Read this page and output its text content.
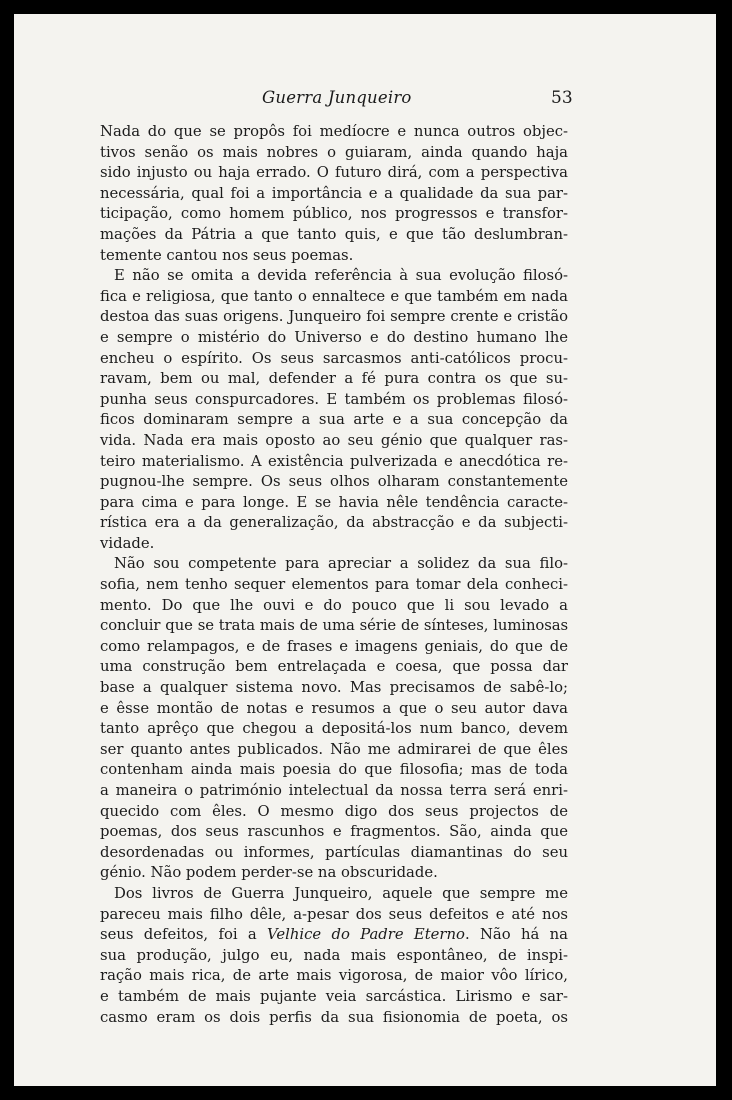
Guerra Junqueiro	53
Nada do que se propôs foi medíocre e nunca outros objec-
tivos senão os mais nobres o guiaram, ainda quando haja
sido injusto ou haja errado. O futuro dirá, com a perspectiva
necessária, qual foi a importância e a qualidade da sua par-
ticipação, como homem público, nos progressos e transfor-
mações da Pátria a que tanto quis, e que tão deslumbran-
temente cantou nos seus poemas.
E não se omita a devida referência à sua evolução filosó-
fica e religiosa, que tanto o ennaltece e que também em nada
destoa das suas origens. Junqueiro foi sempre crente e cristão
e sempre o mistério do Universo e do destino humano lhe
encheu o espírito. Os seus sarcasmos anti-católicos procu-
ravam, bem ou mal, defender a fé pura contra os que su-
punha seus conspurcadores. E também os problemas filosó-
ficos dominaram sempre a sua arte e a sua concepção da
vida. Nada era mais oposto ao seu génio que qualquer ras-
teiro materialismo. A existência pulverizada e anecdótica re-
pugnou-lhe sempre. Os seus olhos olharam constantemente
para cima e para longe. E se havia nêle tendência caracte-
rística era a da generalização, da abstracção e da subjecti-
vidade.
Não sou competente para apreciar a solidez da sua filo-
sofia, nem tenho sequer elementos para tomar dela conheci-
mento. Do que lhe ouvi e do pouco que li sou levado a
concluir que se trata mais de uma série de sínteses, luminosas
como relampagos, e de frases e imagens geniais, do que de
uma construção bem entrelaçada e coesa, que possa dar
base a qualquer sistema novo. Mas precisamos de sabê-lo;
e êsse montão de notas e resumos a que o seu autor dava
tanto aprêço que chegou a depositá-los num banco, devem
ser quanto antes publicados. Não me admirarei de que êles
contenham ainda mais poesia do que filosofia; mas de toda
a maneira o património intelectual da nossa terra será enri-
quecido com êles. O mesmo digo dos seus projectos de
poemas, dos seus rascunhos e fragmentos. São, ainda que
desordenadas ou informes, partículas diamantinas do seu
génio. Não podem perder-se na obscuridade.
Dos livros de Guerra Junqueiro, aquele que sempre me
pareceu mais filho dêle, a-pesar dos seus defeitos e até nos
seus defeitos, foi a Velhice do Padre Eterno. Não há na
sua produção, julgo eu, nada mais espontâneo, de inspi-
ração mais rica, de arte mais vigorosa, de maior vôo lírico,
e também de mais pujante veia sarcástica. Lirismo e sar-
casmo eram os dois perfis da sua fisionomia de poeta, os
